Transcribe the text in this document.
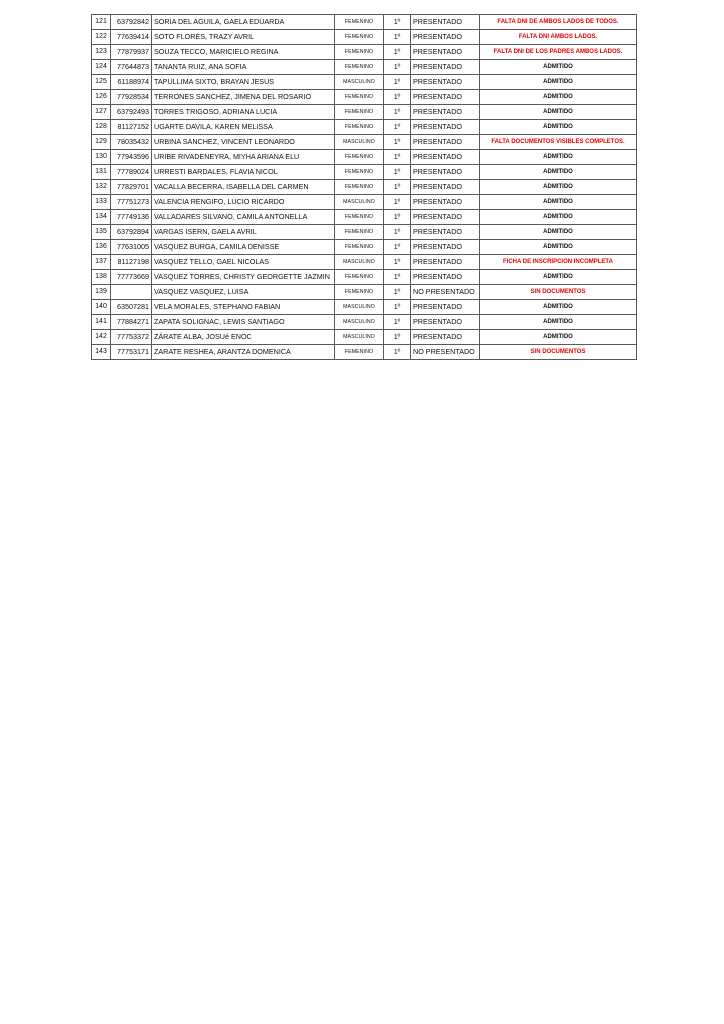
121	63792842	SORIA DEL AGUILA, GAELA EDUARDA	FEMENINO	1º	PRESENTADO	FALTA DNI DE AMBOS LADOS DE TODOS.
122	77639414	SOTO FLORES, TRAZY AVRIL	FEMENINO	1º	PRESENTADO	FALTA DNI AMBOS LADOS.
123	77879937	SOUZA TECCO, MARICIELO REGINA	FEMENINO	1º	PRESENTADO	FALTA DNI DE LOS PADRES AMBOS LADOS.
124	77644873	TANANTA RUIZ, ANA SOFIA	FEMENINO	1º	PRESENTADO	ADMITIDO
125	61188974	TAPULLIMA SIXTO, BRAYAN JESUS	MASCULINO	1º	PRESENTADO	ADMITIDO
126	77928534	TERRONES SANCHEZ, JIMENA DEL ROSARIO	FEMENINO	1º	PRESENTADO	ADMITIDO
127	63792493	TORRES TRIGOSO, ADRIANA LUCIA	FEMENINO	1º	PRESENTADO	ADMITIDO
128	81127152	UGARTE DAVILA, KAREN MELISSA	FEMENINO	1º	PRESENTADO	ADMITIDO
129	78035432	URBINA SANCHEZ, VINCENT LEONARDO	MASCULINO	1º	PRESENTADO	FALTA DOCUMENTOS VISIBLES COMPLETOS.
130	77943596	URIBE RIVADENEYRA, MIYHA ARIANA ELU	FEMENINO	1º	PRESENTADO	ADMITIDO
131	77789024	URRESTI BARDALES, FLAVIA NICOL	FEMENINO	1º	PRESENTADO	ADMITIDO
132	77829701	VACALLA BECERRA, ISABELLA DEL CARMEN	FEMENINO	1º	PRESENTADO	ADMITIDO
133	77751273	VALENCIA RENGIFO, LUCIO RICARDO	MASCULINO	1º	PRESENTADO	ADMITIDO
134	77749136	VALLADARES SILVANO, CAMILA ANTONELLA	FEMENINO	1º	PRESENTADO	ADMITIDO
135	63792894	VARGAS ISERN, GAELA AVRIL	FEMENINO	1º	PRESENTADO	ADMITIDO
136	77631005	VASQUEZ BURGA, CAMILA DENISSE	FEMENINO	1º	PRESENTADO	ADMITIDO
137	81127198	VASQUEZ TELLO, GAEL NICOLAS	MASCULINO	1º	PRESENTADO	FICHA DE INSCRIPCION INCOMPLETA
138	77773669	VASQUEZ TORRES, CHRISTY GEORGETTE JAZMIN	FEMENINO	1º	PRESENTADO	ADMITIDO
139		VASQUEZ VASQUEZ, LUISA	FEMENINO	1º	NO PRESENTADO	SIN DOCUMENTOS
140	63507281	VELA MORALES, STEPHANO FABIAN	MASCULINO	1º	PRESENTADO	ADMITIDO
141	77884271	ZAPATA SOLIGNAC, LEWIS SANTIAGO	MASCULINO	1º	PRESENTADO	ADMITIDO
142	77753372	ZÁRATE ALBA, JOSUé ENOC	MASCULINO	1º	PRESENTADO	ADMITIDO
143	77753171	ZARATE RESHEA, ARANTZA DOMENICA	FEMENINO	1º	NO PRESENTADO	SIN DOCUMENTOS
